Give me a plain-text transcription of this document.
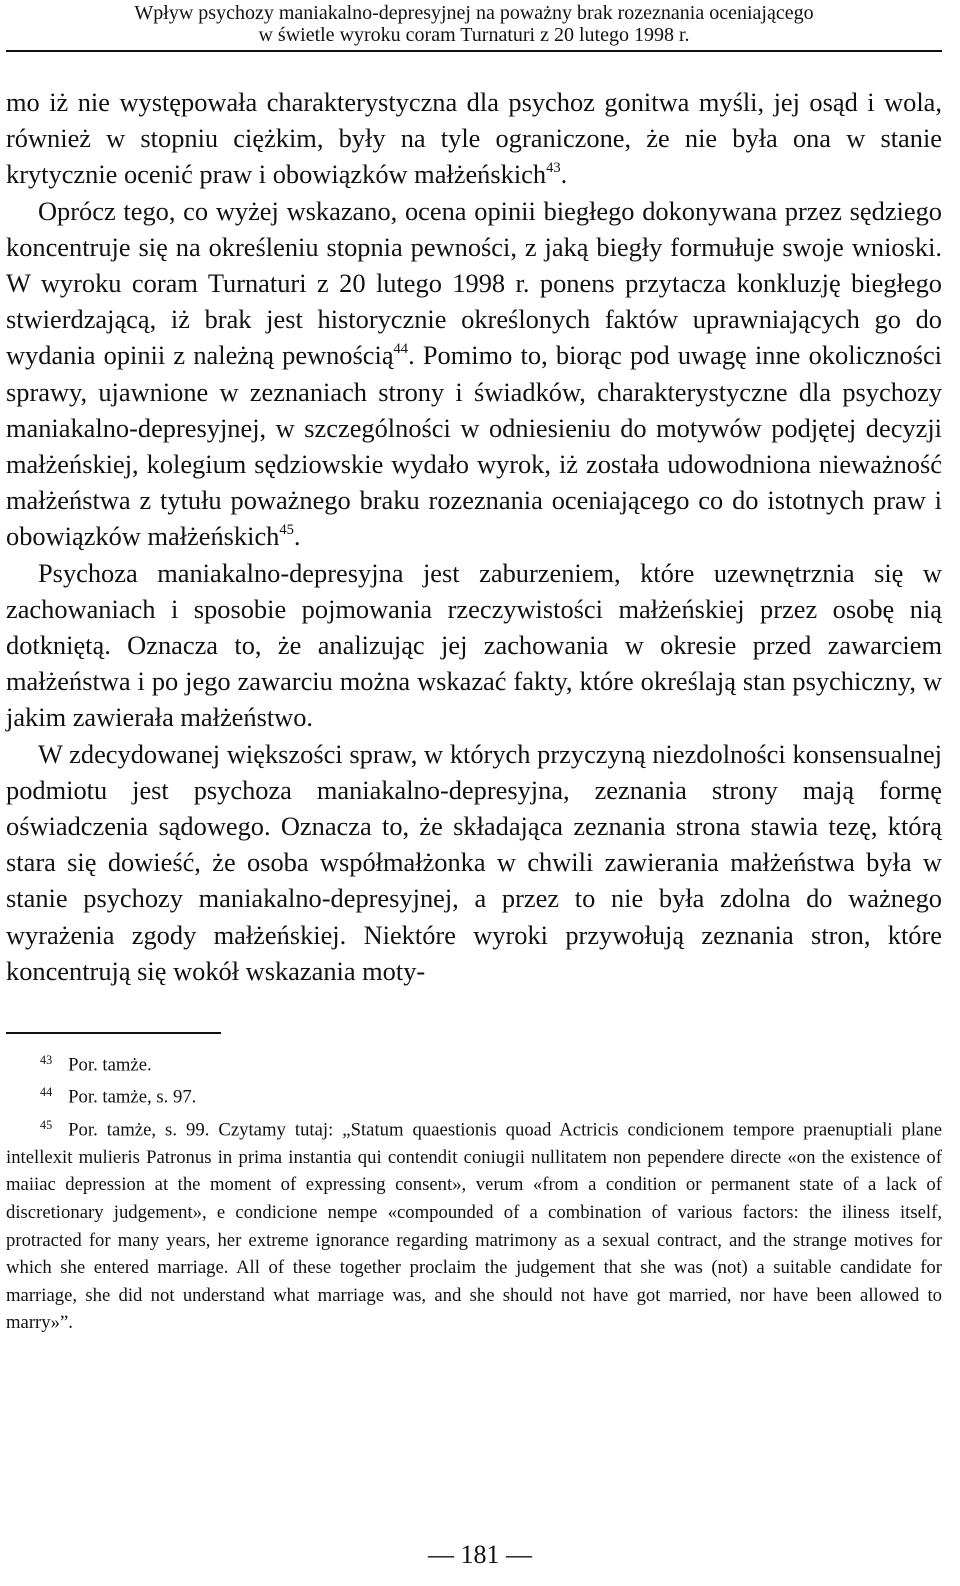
Wpływ psychozy maniakalno-depresyjnej na poważny brak rozeznania oceniającego
w świetle wyroku coram Turnaturi z 20 lutego 1998 r.

mo iż nie występowała charakterystyczna dla psychoz gonitwa myśli, jej osąd i wola, również w stopniu ciężkim, były na tyle ograniczone, że nie była ona w stanie krytycznie ocenić praw i obowiązków małżeńskich$^{43}$.

Oprócz tego, co wyżej wskazano, ocena opinii biegłego dokonywana przez sędziego koncentruje się na określeniu stopnia pewności, z jaką biegły formułuje swoje wnioski. W wyroku coram Turnaturi z 20 lutego 1998 r. ponens przytacza konkluzję biegłego stwierdzającą, iż brak jest historycznie określonych faktów uprawniających go do wydania opinii z należną pewnością$^{44}$. Pomimo to, biorąc pod uwagę inne okoliczności sprawy, ujawnione w zeznaniach strony i świadków, charakterystyczne dla psychozy maniakalno-depresyjnej, w szczególności w odniesieniu do motywów podjętej decyzji małżeńskiej, kolegium sędziowskie wydało wyrok, iż została udowodniona nieważność małżeństwa z tytułu poważnego braku rozeznania oceniającego co do istotnych praw i obowiązków małżeńskich$^{45}$.

Psychoza maniakalno-depresyjna jest zaburzeniem, które uzewnętrznia się w zachowaniach i sposobie pojmowania rzeczywistości małżeńskiej przez osobę nią dotkniętą. Oznacza to, że analizując jej zachowania w okresie przed zawarciem małżeństwa i po jego zawarciu można wskazać fakty, które określają stan psychiczny, w jakim zawierała małżeństwo.

W zdecydowanej większości spraw, w których przyczyną niezdolności konsensualnej podmiotu jest psychoza maniakalno-depresyjna, zeznania strony mają formę oświadczenia sądowego. Oznacza to, że składająca zeznania strona stawia tezę, którą stara się dowieść, że osoba współmałżonka w chwili zawierania małżeństwa była w stanie psychozy maniakalno-depresyjnej, a przez to nie była zdolna do ważnego wyrażenia zgody małżeńskiej. Niektóre wyroki przywołują zeznania stron, które koncentrują się wokół wskazania moty-

43 Por. tamże.

44 Por. tamże, s. 97.

45 Por. tamże, s. 99. Czytamy tutaj: „Statum quaestionis quoad Actricis condicionem tempore praenuptiali plane intellexit mulieris Patronus in prima instantia qui contendit coniugii nullitatem non pependere directe «on the existence of maiiac depression at the moment of expressing consent», verum «from a condition or permanent state of a lack of discretionary judgement», e condicione nempe «compounded of a combination of various factors: the iliness itself, protracted for many years, her extreme ignorance regarding matrimony as a sexual contract, and the strange motives for which she entered marriage. All of these together proclaim the judgement that she was (not) a suitable candidate for marriage, she did not understand what marriage was, and she should not have got married, nor have been allowed to marry»”.

— 181 —
